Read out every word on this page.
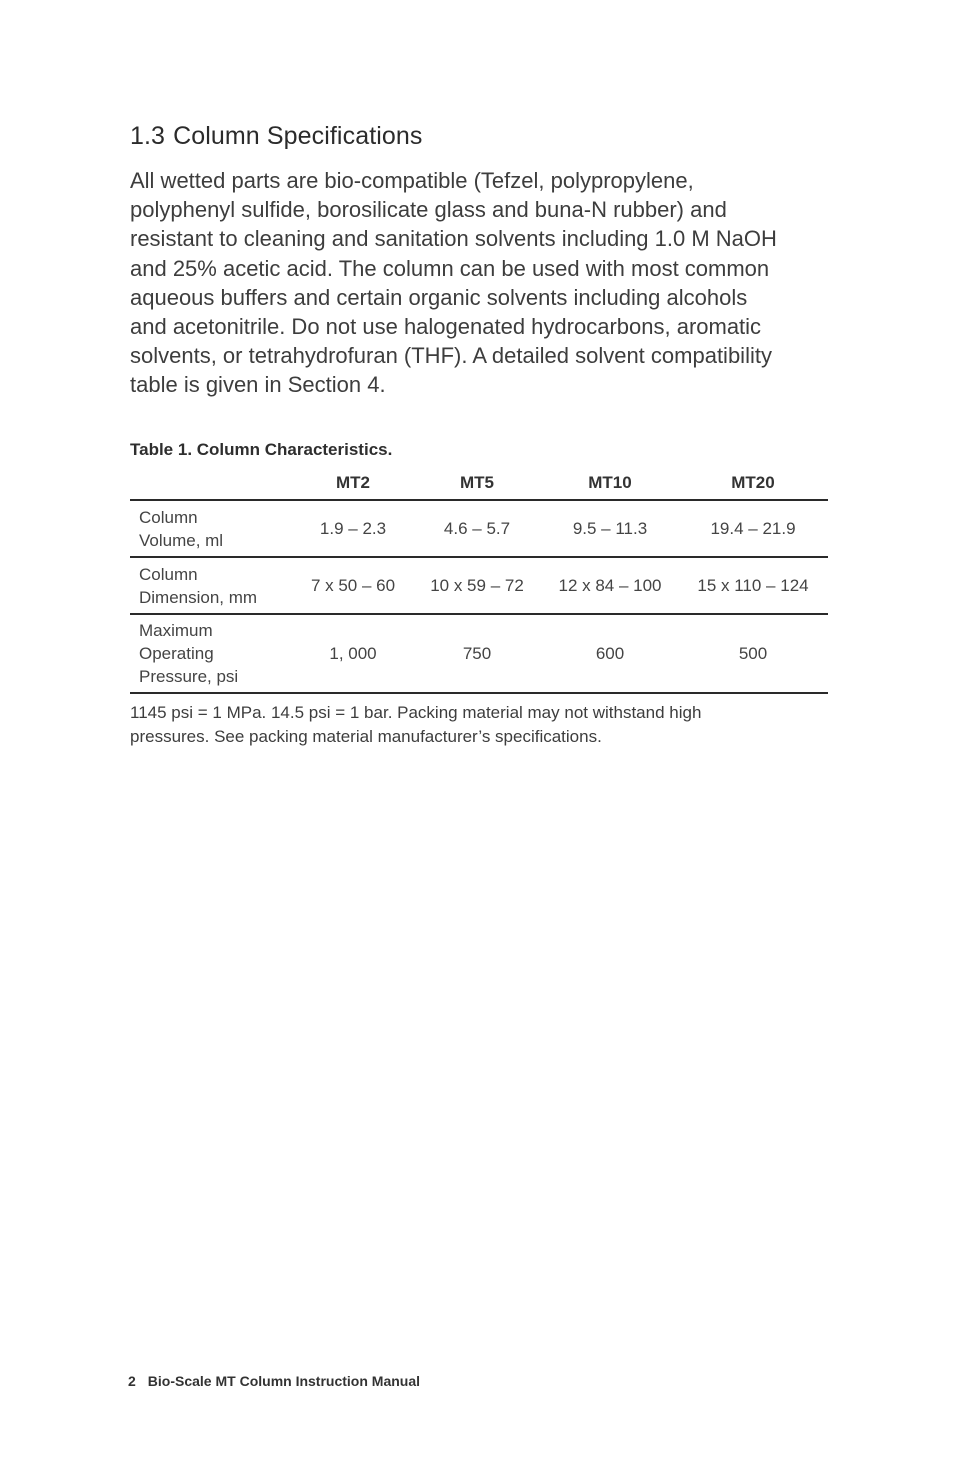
1.3 Column Specifications

All wetted parts are bio-compatible (Tefzel, polypropylene,
polyphenyl sulfide, borosilicate glass and buna-N rubber) and
resistant to cleaning and sanitation solvents including 1.0 M NaOH
and 25% acetic acid. The column can be used with most common
aqueous buffers and certain organic solvents including alcohols
and acetonitrile. Do not use halogenated hydrocarbons, aromatic
solvents, or tetrahydrofuran (THF). A detailed solvent compatibility
table is given in Section 4.

Table 1. Column Characteristics.

	MT2	MT5	MT10	MT20

Column
Volume, ml	1.9 – 2.3	4.6 – 5.7	9.5 – 11.3	19.4 – 21.9

Column
Dimension, mm	7 x 50 – 60	10 x 59 – 72	12 x 84 – 100	15 x 110 – 124

Maximum
Operating
Pressure, psi	1, 000	750	600	500

1145 psi = 1 MPa. 14.5 psi = 1 bar. Packing material may not withstand high
pressures. See packing material manufacturer’s specifications.

2 Bio-Scale MT Column Instruction Manual
